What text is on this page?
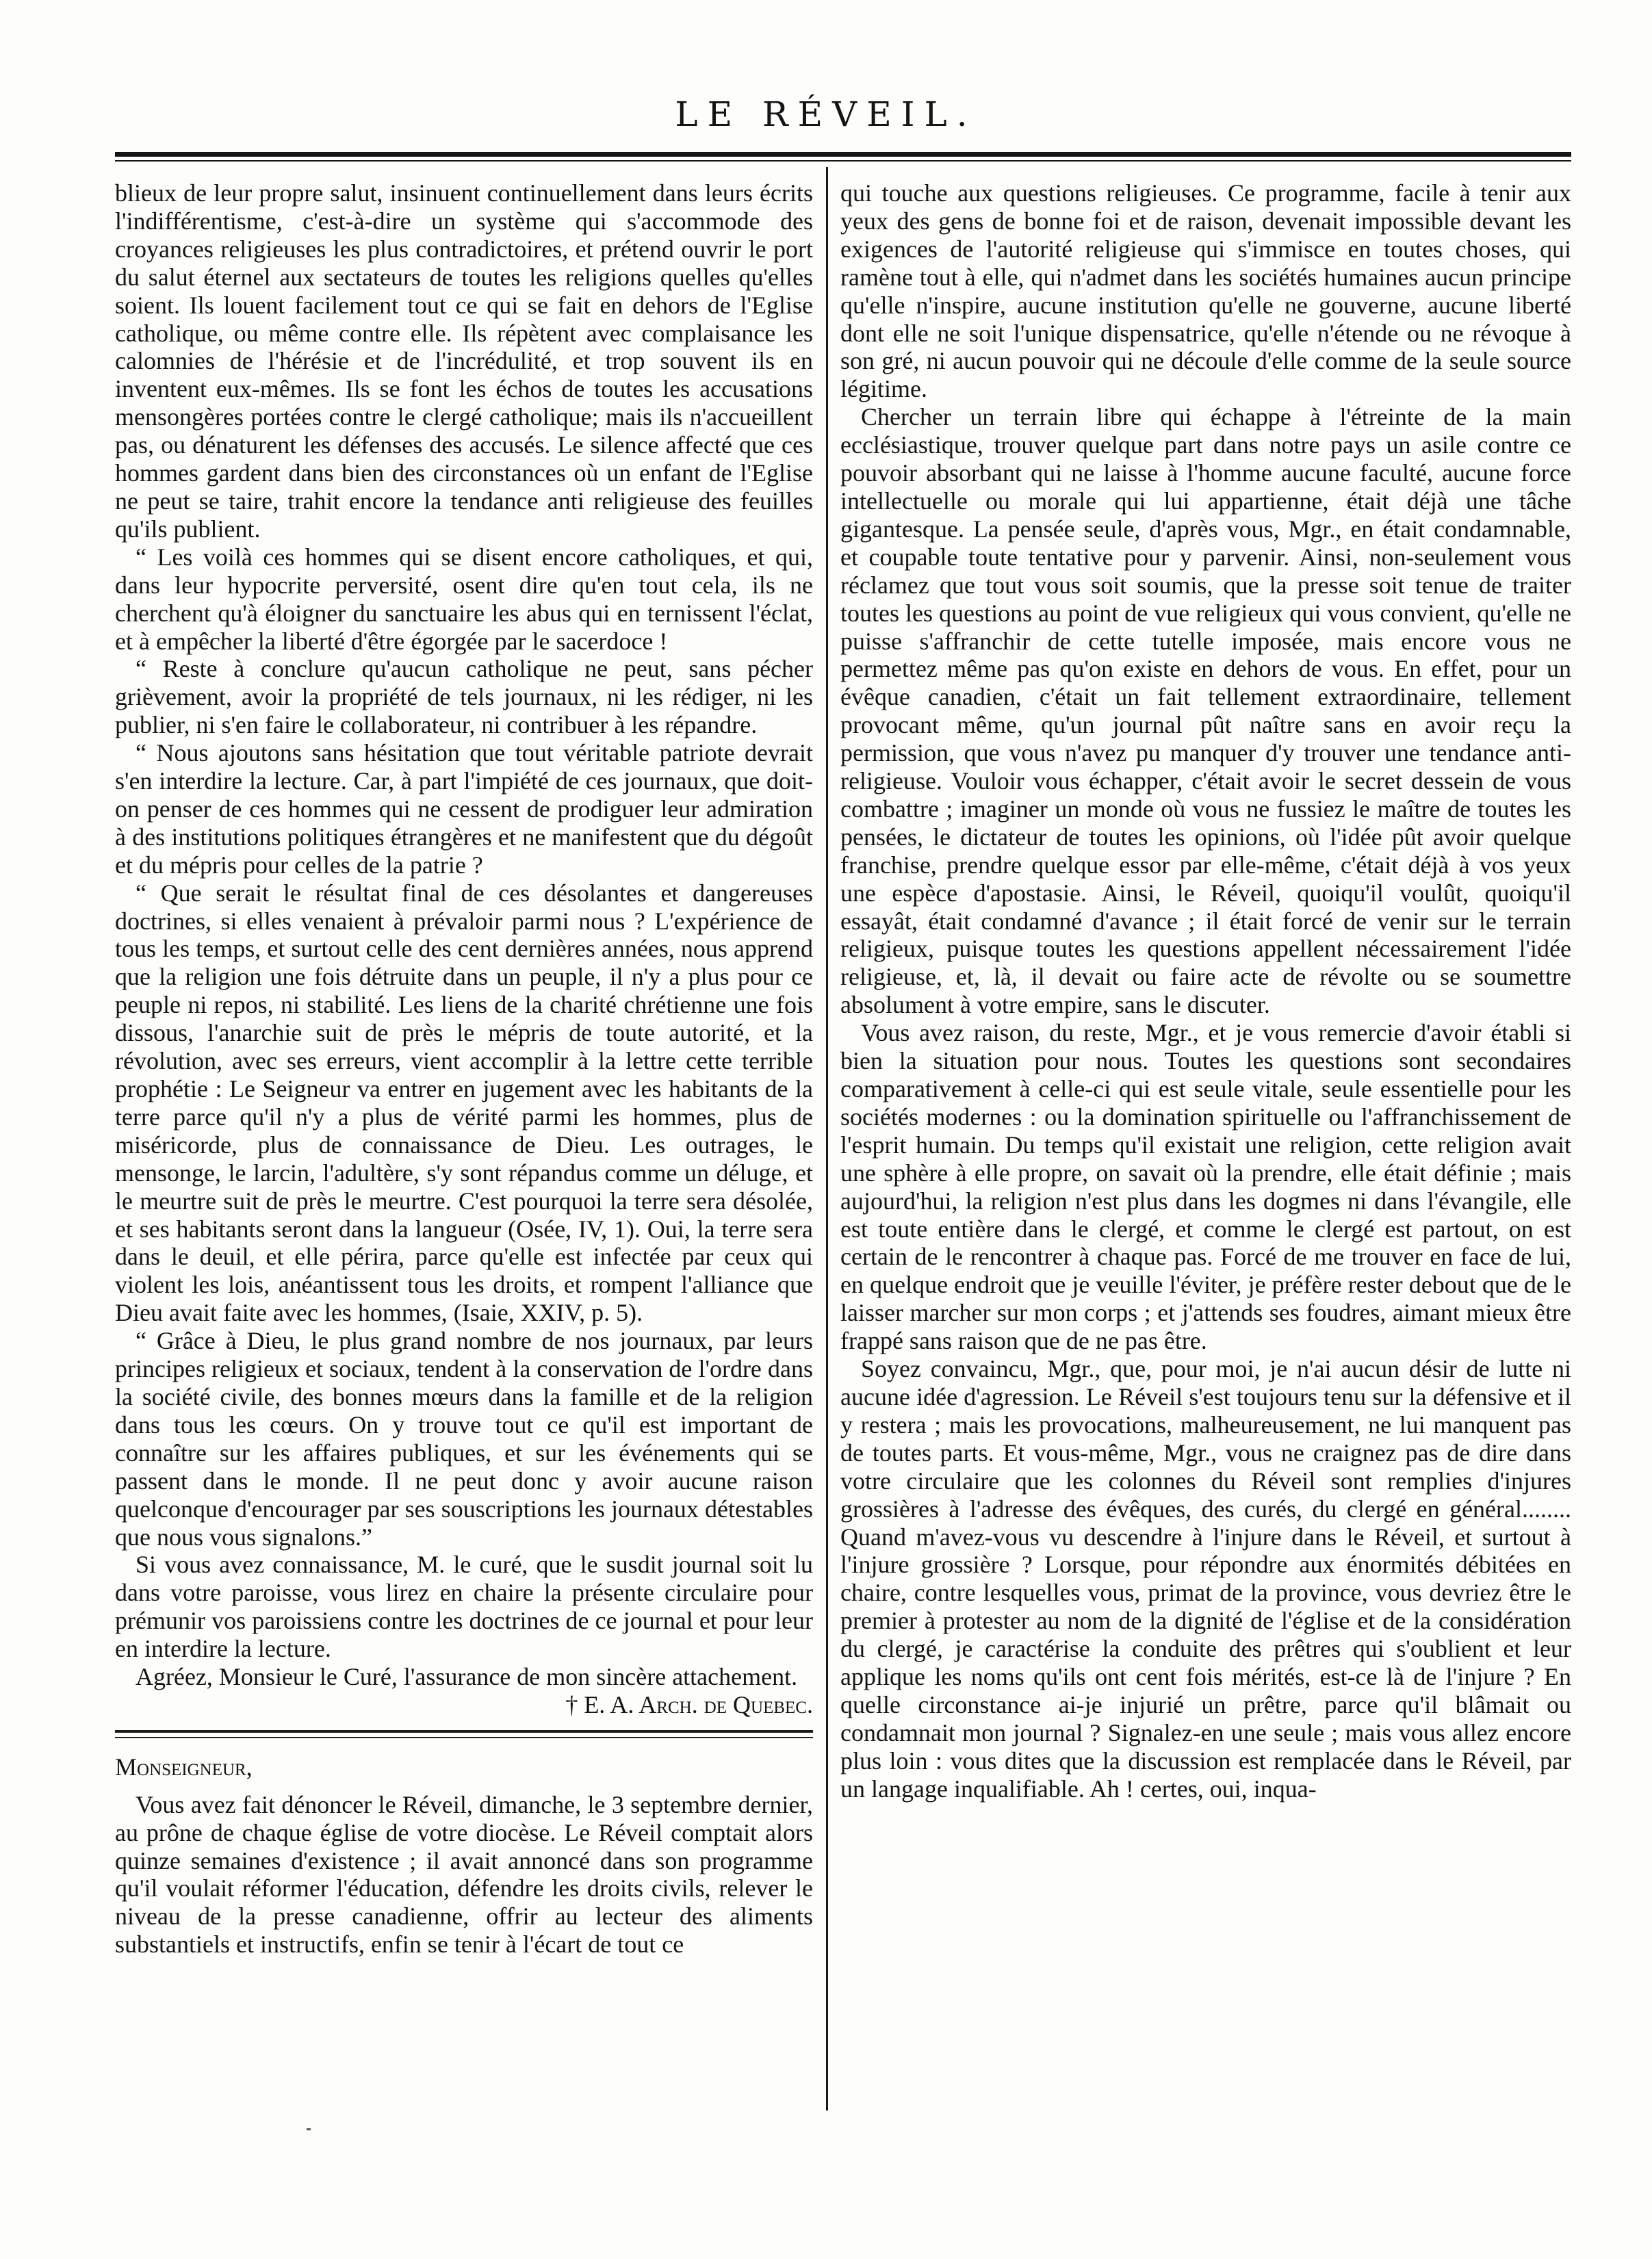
LE RÉVEIL.

blieux de leur propre salut, insinuent continuellement dans leurs écrits l'indifférentisme, c'est-à-dire un système qui s'accommode des croyances religieuses les plus contradictoires, et prétend ouvrir le port du salut éternel aux sectateurs de toutes les religions quelles qu'elles soient. Ils louent facilement tout ce qui se fait en dehors de l'Eglise catholique, ou même contre elle. Ils répètent avec complaisance les calomnies de l'hérésie et de l'incrédulité, et trop souvent ils en inventent eux-mêmes. Ils se font les échos de toutes les accusations mensongères portées contre le clergé catholique; mais ils n'accueillent pas, ou dénaturent les défenses des accusés. Le silence affecté que ces hommes gardent dans bien des circonstances où un enfant de l'Eglise ne peut se taire, trahit encore la tendance anti religieuse des feuilles qu'ils publient.

“ Les voilà ces hommes qui se disent encore catholiques, et qui, dans leur hypocrite perversité, osent dire qu'en tout cela, ils ne cherchent qu'à éloigner du sanctuaire les abus qui en ternissent l'éclat, et à empêcher la liberté d'être égorgée par le sacerdoce !

“ Reste à conclure qu'aucun catholique ne peut, sans pécher grièvement, avoir la propriété de tels journaux, ni les rédiger, ni les publier, ni s'en faire le collaborateur, ni contribuer à les répandre.

“ Nous ajoutons sans hésitation que tout véritable patriote devrait s'en interdire la lecture. Car, à part l'impiété de ces journaux, que doit-on penser de ces hommes qui ne cessent de prodiguer leur admiration à des institutions politiques étrangères et ne manifestent que du dégoût et du mépris pour celles de la patrie ?

“ Que serait le résultat final de ces désolantes et dangereuses doctrines, si elles venaient à prévaloir parmi nous ? L'expérience de tous les temps, et surtout celle des cent dernières années, nous apprend que la religion une fois détruite dans un peuple, il n'y a plus pour ce peuple ni repos, ni stabilité. Les liens de la charité chrétienne une fois dissous, l'anarchie suit de près le mépris de toute autorité, et la révolution, avec ses erreurs, vient accomplir à la lettre cette terrible prophétie : Le Seigneur va entrer en jugement avec les habitants de la terre parce qu'il n'y a plus de vérité parmi les hommes, plus de miséricorde, plus de connaissance de Dieu. Les outrages, le mensonge, le larcin, l'adultère, s'y sont répandus comme un déluge, et le meurtre suit de près le meurtre. C'est pourquoi la terre sera désolée, et ses habitants seront dans la langueur (Osée, IV, 1). Oui, la terre sera dans le deuil, et elle périra, parce qu'elle est infectée par ceux qui violent les lois, anéantissent tous les droits, et rompent l'alliance que Dieu avait faite avec les hommes, (Isaie, XXIV, p. 5).

“ Grâce à Dieu, le plus grand nombre de nos journaux, par leurs principes religieux et sociaux, tendent à la conservation de l'ordre dans la société civile, des bonnes mœurs dans la famille et de la religion dans tous les cœurs. On y trouve tout ce qu'il est important de connaître sur les affaires publiques, et sur les événements qui se passent dans le monde. Il ne peut donc y avoir aucune raison quelconque d'encourager par ses souscriptions les journaux détestables que nous vous signalons.”

Si vous avez connaissance, M. le curé, que le susdit journal soit lu dans votre paroisse, vous lirez en chaire la présente circulaire pour prémunir vos paroissiens contre les doctrines de ce journal et pour leur en interdire la lecture.

Agréez, Monsieur le Curé, l'assurance de mon sincère attachement.

† E. A. Arch. de Quebec.

Monseigneur,

Vous avez fait dénoncer le Réveil, dimanche, le 3 septembre dernier, au prône de chaque église de votre diocèse. Le Réveil comptait alors quinze semaines d'existence ; il avait annoncé dans son programme qu'il voulait réformer l'éducation, défendre les droits civils, relever le niveau de la presse canadienne, offrir au lecteur des aliments substantiels et instructifs, enfin se tenir à l'écart de tout ce

qui touche aux questions religieuses. Ce programme, facile à tenir aux yeux des gens de bonne foi et de raison, devenait impossible devant les exigences de l'autorité religieuse qui s'immisce en toutes choses, qui ramène tout à elle, qui n'admet dans les sociétés humaines aucun principe qu'elle n'inspire, aucune institution qu'elle ne gouverne, aucune liberté dont elle ne soit l'unique dispensatrice, qu'elle n'étende ou ne révoque à son gré, ni aucun pouvoir qui ne découle d'elle comme de la seule source légitime.

Chercher un terrain libre qui échappe à l'étreinte de la main ecclésiastique, trouver quelque part dans notre pays un asile contre ce pouvoir absorbant qui ne laisse à l'homme aucune faculté, aucune force intellectuelle ou morale qui lui appartienne, était déjà une tâche gigantesque. La pensée seule, d'après vous, Mgr., en était condamnable, et coupable toute tentative pour y parvenir. Ainsi, non-seulement vous réclamez que tout vous soit soumis, que la presse soit tenue de traiter toutes les questions au point de vue religieux qui vous convient, qu'elle ne puisse s'affranchir de cette tutelle imposée, mais encore vous ne permettez même pas qu'on existe en dehors de vous. En effet, pour un évêque canadien, c'était un fait tellement extraordinaire, tellement provocant même, qu'un journal pût naître sans en avoir reçu la permission, que vous n'avez pu manquer d'y trouver une tendance anti-religieuse. Vouloir vous échapper, c'était avoir le secret dessein de vous combattre ; imaginer un monde où vous ne fussiez le maître de toutes les pensées, le dictateur de toutes les opinions, où l'idée pût avoir quelque franchise, prendre quelque essor par elle-même, c'était déjà à vos yeux une espèce d'apostasie. Ainsi, le Réveil, quoiqu'il voulût, quoiqu'il essayât, était condamné d'avance ; il était forcé de venir sur le terrain religieux, puisque toutes les questions appellent nécessairement l'idée religieuse, et, là, il devait ou faire acte de révolte ou se soumettre absolument à votre empire, sans le discuter.

Vous avez raison, du reste, Mgr., et je vous remercie d'avoir établi si bien la situation pour nous. Toutes les questions sont secondaires comparativement à celle-ci qui est seule vitale, seule essentielle pour les sociétés modernes : ou la domination spirituelle ou l'affranchissement de l'esprit humain. Du temps qu'il existait une religion, cette religion avait une sphère à elle propre, on savait où la prendre, elle était définie ; mais aujourd'hui, la religion n'est plus dans les dogmes ni dans l'évangile, elle est toute entière dans le clergé, et comme le clergé est partout, on est certain de le rencontrer à chaque pas. Forcé de me trouver en face de lui, en quelque endroit que je veuille l'éviter, je préfère rester debout que de le laisser marcher sur mon corps ; et j'attends ses foudres, aimant mieux être frappé sans raison que de ne pas être.

Soyez convaincu, Mgr., que, pour moi, je n'ai aucun désir de lutte ni aucune idée d'agression. Le Réveil s'est toujours tenu sur la défensive et il y restera ; mais les provocations, malheureusement, ne lui manquent pas de toutes parts. Et vous-même, Mgr., vous ne craignez pas de dire dans votre circulaire que les colonnes du Réveil sont remplies d'injures grossières à l'adresse des évêques, des curés, du clergé en général........ Quand m'avez-vous vu descendre à l'injure dans le Réveil, et surtout à l'injure grossière ? Lorsque, pour répondre aux énormités débitées en chaire, contre lesquelles vous, primat de la province, vous devriez être le premier à protester au nom de la dignité de l'église et de la considération du clergé, je caractérise la conduite des prêtres qui s'oublient et leur applique les noms qu'ils ont cent fois mérités, est-ce là de l'injure ? En quelle circonstance ai-je injurié un prêtre, parce qu'il blâmait ou condamnait mon journal ? Signalez-en une seule ; mais vous allez encore plus loin : vous dites que la discussion est remplacée dans le Réveil, par un langage inqualifiable. Ah ! certes, oui, inqua-
